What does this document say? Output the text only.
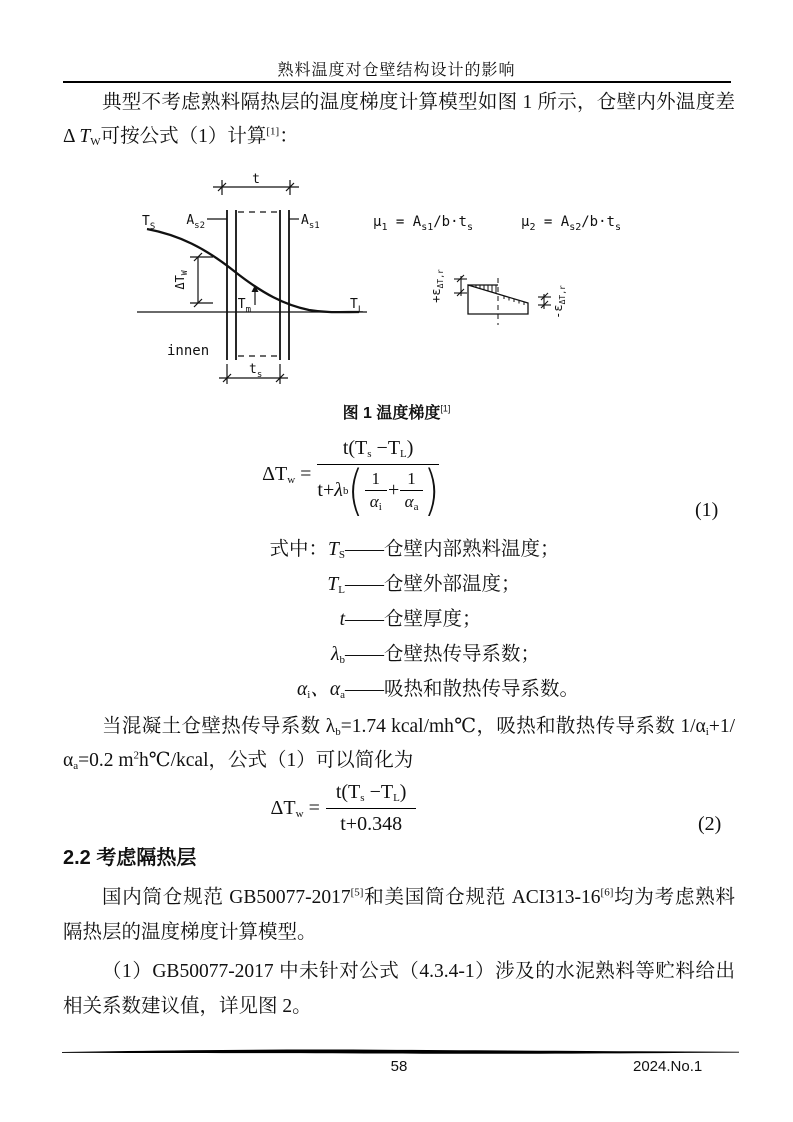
熟料温度对仓壁结构设计的影响

典型不考虑熟料隔热层的温度梯度计算模型如图 1 所示，仓壁内外温度差Δ $T_W$可按公式（1）计算[1]：

t
$T_S$ $A_{s2}$	$A_{s1}$
$T_L$
$\Delta T_W$
$T_m$
innen
$t_s$
$\mu_1 = A_{s1}/b\cdot t_s$	$\mu_2 = A_{s2}/b\cdot t_s$
$+\varepsilon_{\Delta T,r}$
$-\varepsilon_{\Delta T,r}$
图 1 温度梯度[1]
$\Delta T_w$ =
$t(T_s -T_L)$
t+ λ b ( $\frac{1}{\alpha_i} + \frac{1}{\alpha_a}$ )	(1)
式中：$T_S$ —— 仓壁内部熟料温度；
$T_L$ —— 仓壁外部温度；
t —— 仓壁厚度；
$\lambda_b$ —— 仓壁热传导系数；
$\alpha_i$、$\alpha_a$ —— 吸热和散热传导系数。

当混凝土仓壁热传导系数 $\lambda_b=1.74$ kcal/mh℃，吸热和散热传导系数 $1/\alpha_i+1/\alpha_a=0.2$ $m^2h℃$/kcal，公式（1）可以简化为

$\Delta T_w = \frac{t(T_s -T_L)}{t+0.348}$	(2)
2.2 考虑隔热层

国内筒仓规范 GB50077-2017[5]和美国筒仓规范 ACI313-16[6]均为考虑熟料隔热层的温度梯度计算模型。

（1）GB50077-2017 中未针对公式（4.3.4-1）涉及的水泥熟料等贮料给出相关系数建议值，详见图 2。

58	2024.No.1
